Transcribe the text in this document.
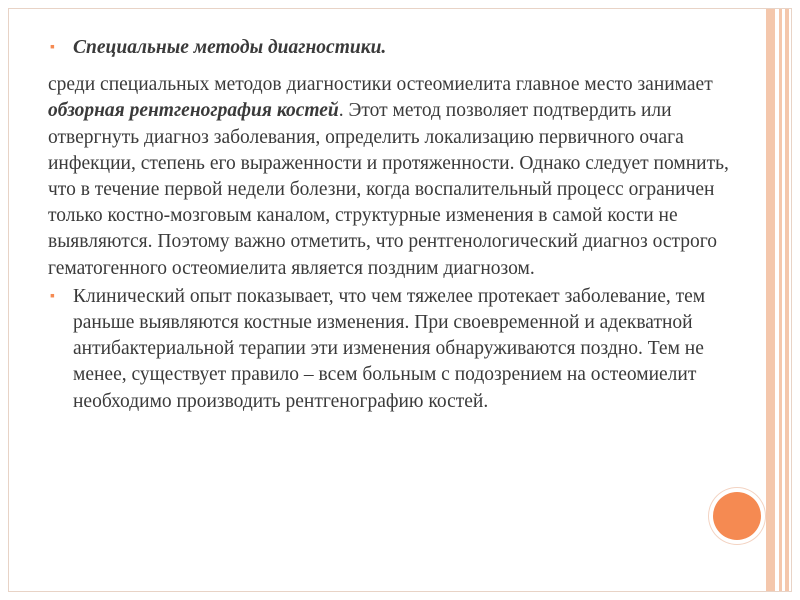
▪ Специальные методы диагностики.
среди специальных методов диагностики остеомиелита главное место занимает обзорная рентгенография костей. Этот метод позволяет подтвердить или отвергнуть диагноз заболевания, определить локализацию первичного очага инфекции, степень его выраженности и протяженности. Однако следует помнить, что в течение первой недели болезни, когда воспалительный процесс ограничен только костно-мозговым каналом, структурные изменения в самой кости не выявляются. Поэтому важно отметить, что рентгенологический диагноз острого гематогенного остеомиелита является поздним диагнозом.
▪ Клинический опыт показывает, что чем тяжелее протекает заболевание, тем раньше выявляются костные изменения. При своевременной и адекватной антибактериальной терапии эти изменения обнаруживаются поздно. Тем не менее, существует правило – всем больным с подозрением на остеомиелит необходимо производить рентгенографию костей.
